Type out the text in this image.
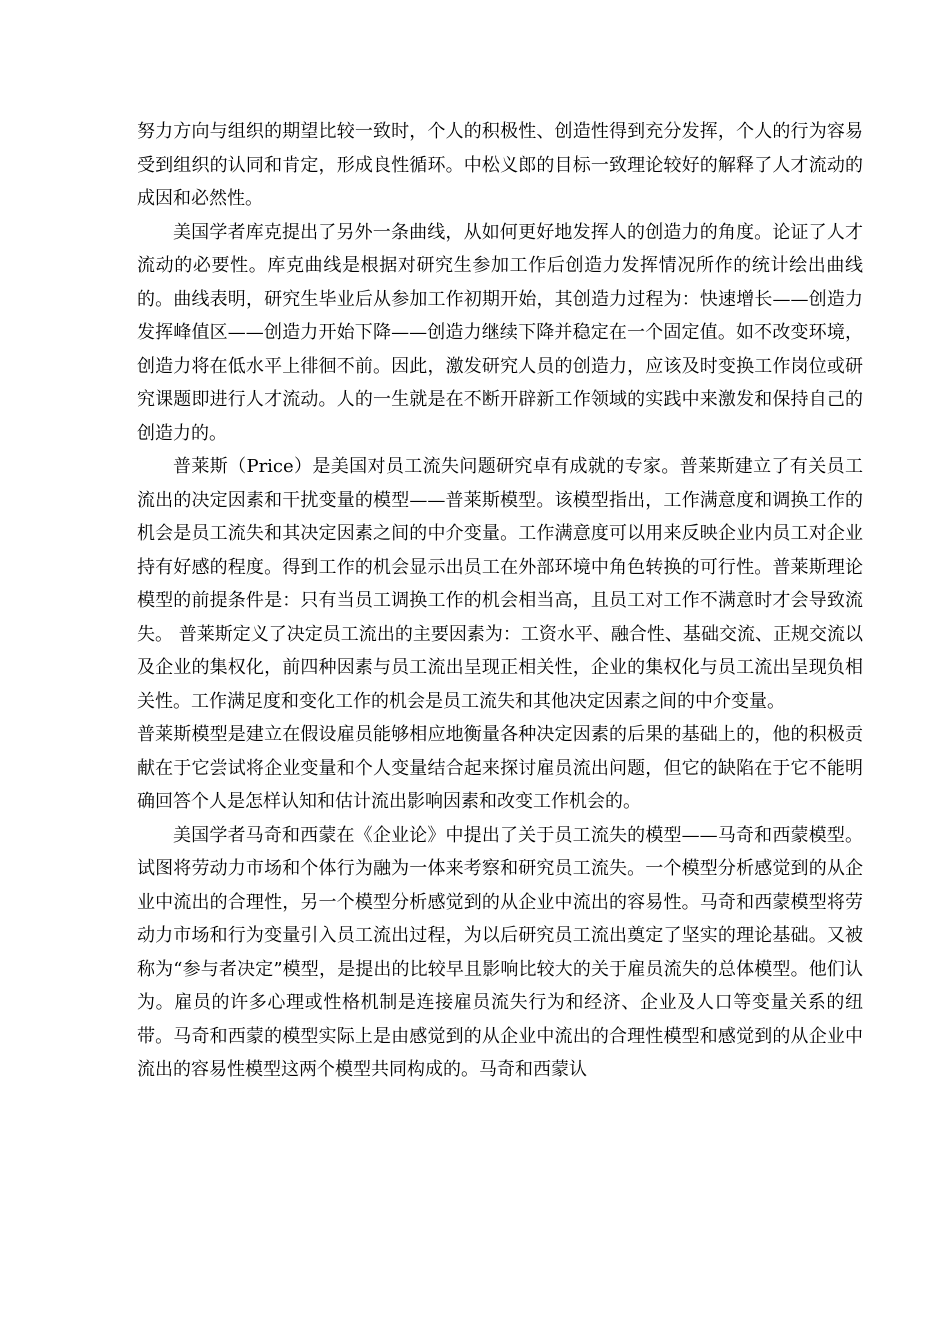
努力方向与组织的期望比较一致时，个人的积极性、创造性得到充分发挥，个人的行为容易受到组织的认同和肯定，形成良性循环。中松义郎的目标一致理论较好的解释了人才流动的成因和必然性。

美国学者库克提出了另外一条曲线，从如何更好地发挥人的创造力的角度。论证了人才流动的必要性。库克曲线是根据对研究生参加工作后创造力发挥情况所作的统计绘出曲线的。曲线表明，研究生毕业后从参加工作初期开始，其创造力过程为：快速增长——创造力发挥峰值区——创造力开始下降——创造力继续下降并稳定在一个固定值。如不改变环境，创造力将在低水平上徘徊不前。因此，激发研究人员的创造力，应该及时变换工作岗位或研究课题即进行人才流动。人的一生就是在不断开辟新工作领域的实践中来激发和保持自己的创造力的。

普莱斯（Price）是美国对员工流失问题研究卓有成就的专家。普莱斯建立了有关员工流出的决定因素和干扰变量的模型——普莱斯模型。该模型指出，工作满意度和调换工作的机会是员工流失和其决定因素之间的中介变量。工作满意度可以用来反映企业内员工对企业持有好感的程度。得到工作的机会显示出员工在外部环境中角色转换的可行性。普莱斯理论模型的前提条件是：只有当员工调换工作的机会相当高，且员工对工作不满意时才会导致流失。 普莱斯定义了决定员工流出的主要因素为：工资水平、融合性、基础交流、正规交流以及企业的集权化，前四种因素与员工流出呈现正相关性，企业的集权化与员工流出呈现负相关性。工作满足度和变化工作的机会是员工流失和其他决定因素之间的中介变量。

普莱斯模型是建立在假设雇员能够相应地衡量各种决定因素的后果的基础上的，他的积极贡献在于它尝试将企业变量和个人变量结合起来探讨雇员流出问题，但它的缺陷在于它不能明确回答个人是怎样认知和估计流出影响因素和改变工作机会的。

美国学者马奇和西蒙在《企业论》中提出了关于员工流失的模型——马奇和西蒙模型。试图将劳动力市场和个体行为融为一体来考察和研究员工流失。一个模型分析感觉到的从企业中流出的合理性，另一个模型分析感觉到的从企业中流出的容易性。马奇和西蒙模型将劳动力市场和行为变量引入员工流出过程，为以后研究员工流出奠定了坚实的理论基础。又被称为“参与者决定”模型，是提出的比较早且影响比较大的关于雇员流失的总体模型。他们认为。雇员的许多心理或性格机制是连接雇员流失行为和经济、企业及人口等变量关系的纽带。马奇和西蒙的模型实际上是由感觉到的从企业中流出的合理性模型和感觉到的从企业中流出的容易性模型这两个模型共同构成的。马奇和西蒙认
